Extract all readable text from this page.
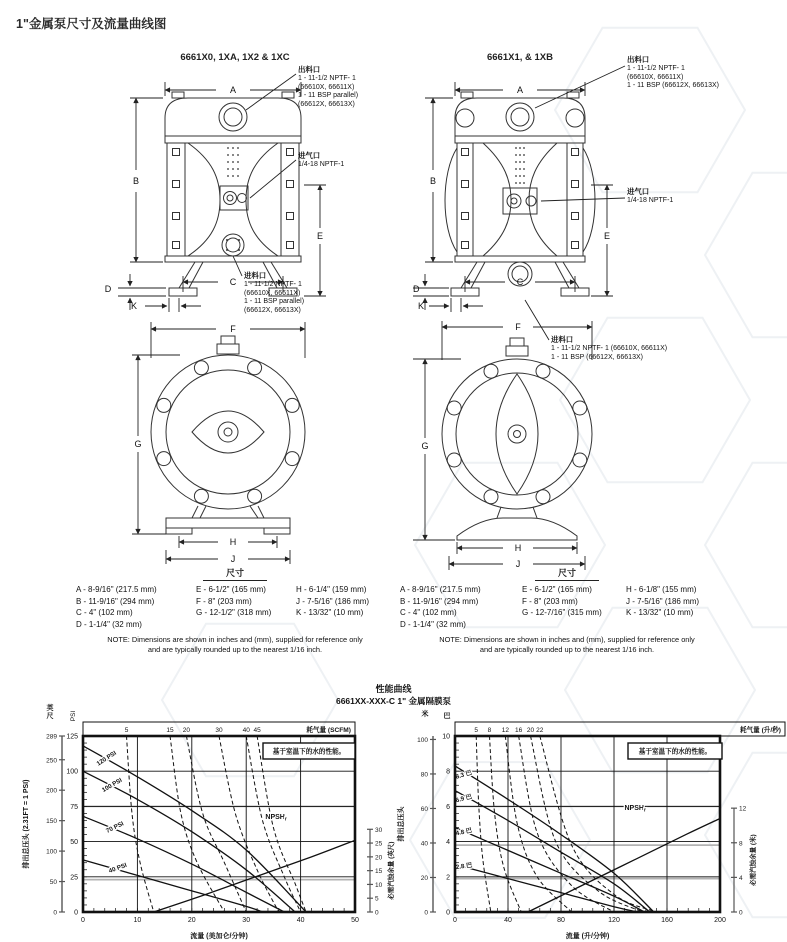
1"金属泵尺寸及流量曲线图
6661X0, 1XA, 1X2 & 1XC
A
B
C
D
E
F
G
H
J
K
出料口
1 - 11-1/2 NPTF- 1
(66610X, 66611X)
1 - 11 BSP parallel)
(66612X, 66613X)
进气口
1/4-18 NPTF-1
进料口
1 - 11-1/2 NPTF- 1
(66610X, 66611X)
1 - 11 BSP parallel)
(66612X, 66613X)
6661X1, & 1XB
A
B
C
D
E
F
G
H
J
K
出料口
1 - 11-1/2 NPTF- 1
(66610X, 66611X)
1 - 11 BSP (66612X, 66613X)
进气口
1/4-18 NPTF-1
进料口
1 - 11-1/2 NPTF- 1 (66610X, 66611X)
1 - 11 BSP (66612X, 66613X)
尺寸
A - 8-9/16" (217.5 mm)
B - 11-9/16" (294 mm)
C - 4" (102 mm)
D - 1-1/4" (32 mm)
E - 6-1/2" (165 mm)
F - 8" (203 mm)
G - 12-1/2" (318 mm)
H - 6-1/4" (159 mm)
J - 7-5/16" (186 mm)
K - 13/32" (10 mm)
NOTE: Dimensions are shown in inches and (mm), supplied for reference only
and are typically rounded up to the nearest 1/16 inch.
尺寸
A - 8-9/16" (217.5 mm)
B - 11-9/16" (294 mm)
C - 4" (102 mm)
D - 1-1/4" (32 mm)
E - 6-1/2" (165 mm)
F - 8" (203 mm)
G - 12-7/16" (315 mm)
H - 6-1/8" (155 mm)
J - 7-5/16" (186 mm)
K - 13/32" (10 mm)
NOTE: Dimensions are shown in inches and (mm), supplied for reference only
and are typically rounded up to the nearest 1/16 inch.
性能曲线
6661XX-XXX-C 1" 金属隔膜泵
5	15 20	30	40 45
120 PSI
100 PSI
70 PSI
40 PSI
$NPSH_r$
耗气量 (SCFM)
基于室温下的水的性能。
0	10	20	30	40	50
流量 (美加仑/分钟)
0
25
50
75
100
125
PSI
0
50
100
150
200
250
289
英
尺
排出总压头 (2.31FT = 1 PSI)
0
5
10
15
20
25
30
必需汽蚀余量 (英尺)
5 8 12 16 20 22
8.3 巴
6.9 巴
4.8 巴
2.8 巴
$NPSH_r$
耗气量 (升/秒)
基于室温下的水的性能。
0	40	80	120	160	200
流量 (升/分钟)
0
2
4
6
8
10
巴
0
20
40
60
80
100
米
排出总压头
0
4
8
12
必需汽蚀余量 (米)
